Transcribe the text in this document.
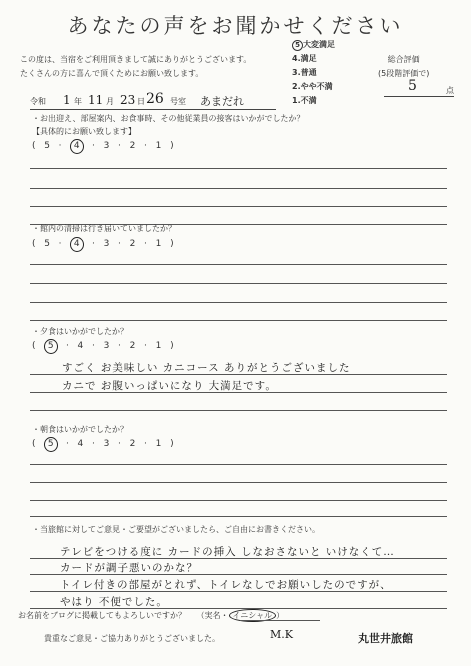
あなたの声をお聞かせください
この度は、当宿をご利用頂きまして誠にありがとうございます。
たくさんの方に喜んで頂くためにお願い致します。
5 大変満足
4.満足
3.普通
2.やや不満
1.不満
総合評価
(5段階評価で)
5	点
令和 1 年 11 月 23 日 26 号室 あまだれ
・お出迎え、部屋案内、お食事時、その他従業員の接客はいかがでしたか？
【具体的にお願い致します】
(  5  ·  4  ·  3  ·  2  ·  1  )
・館内の清掃は行き届いていましたか？
(  5  ·  4  ·  3  ·  2  ·  1  )
・夕食はいかがでしたか？
(  5  ·  4  ·  3  ·  2  ·  1  )
すごく お美味しい カニコース ありがとうございました
カニで お腹いっぱいになり 大満足です。
・朝食はいかがでしたか？
(  5  ·  4  ·  3  ·  2  ·  1  )
・当旅館に対してご意見・ご要望がございましたら、ご自由にお書きください。
テレビをつける度に カードの挿入 しなおさないと いけなくて…
カードが調子悪いのかな？
トイレ付きの部屋がとれず、トイレなしでお願いしたのですが、
やはり 不便でした。
お名前をブログに掲載してもよろしいですか？ （実名・ イニシャル ）
M.K
貴重なご意見・ご協力ありがとうございました。	丸世井旅館
